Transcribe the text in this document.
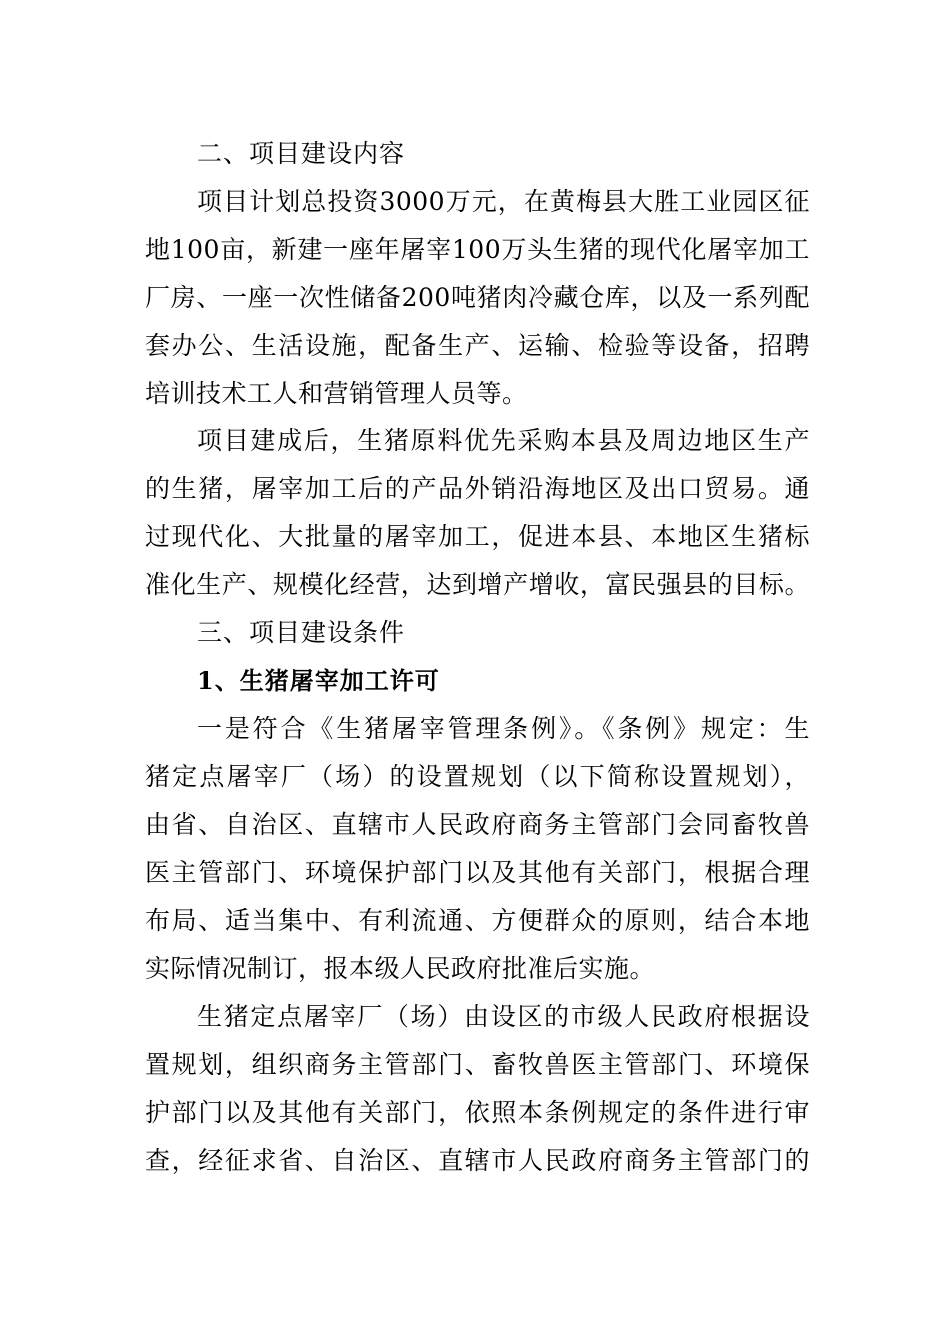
二、项目建设内容
项目计划总投资3000万元，在黄梅县大胜工业园区征
地100亩，新建一座年屠宰100万头生猪的现代化屠宰加工
厂房、一座一次性储备200吨猪肉冷藏仓库，以及一系列配
套办公、生活设施，配备生产、运输、检验等设备，招聘
培训技术工人和营销管理人员等。
项目建成后，生猪原料优先采购本县及周边地区生产
的生猪，屠宰加工后的产品外销沿海地区及出口贸易。通
过现代化、大批量的屠宰加工，促进本县、本地区生猪标
准化生产、规模化经营，达到增产增收，富民强县的目标。
三、项目建设条件
1、生猪屠宰加工许可
一是符合《生猪屠宰管理条例》。《条例》规定：生
猪定点屠宰厂（场）的设置规划（以下简称设置规划），
由省、自治区、直辖市人民政府商务主管部门会同畜牧兽
医主管部门、环境保护部门以及其他有关部门，根据合理
布局、适当集中、有利流通、方便群众的原则，结合本地
实际情况制订，报本级人民政府批准后实施。
生猪定点屠宰厂（场）由设区的市级人民政府根据设
置规划，组织商务主管部门、畜牧兽医主管部门、环境保
护部门以及其他有关部门，依照本条例规定的条件进行审
查，经征求省、自治区、直辖市人民政府商务主管部门的
